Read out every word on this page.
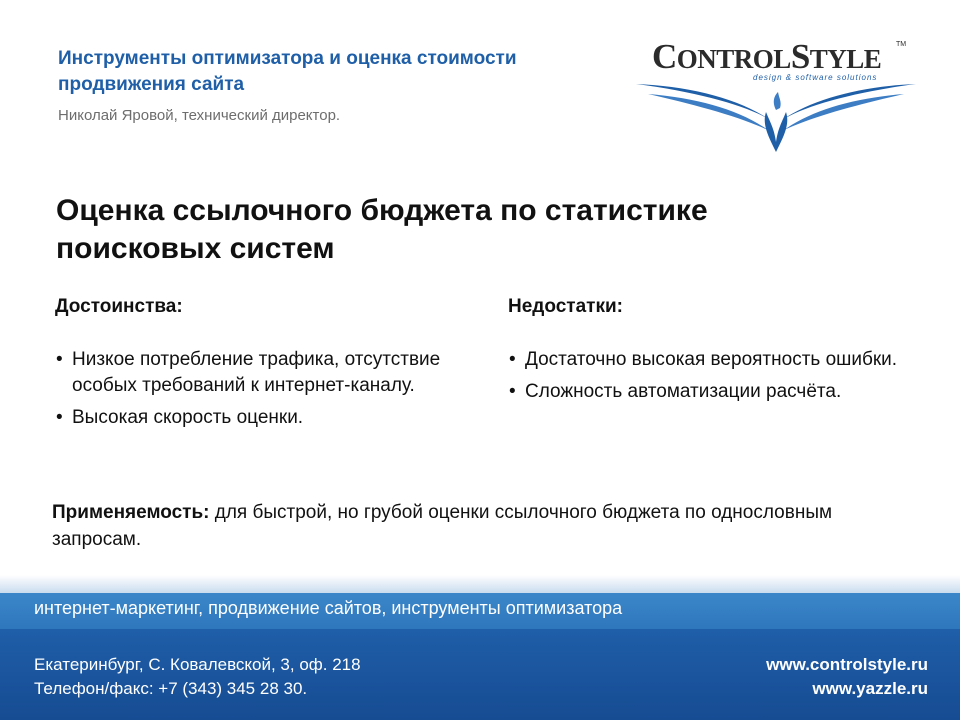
Инструменты оптимизатора и оценка стоимости продвижения сайта
Николай Яровой, технический директор.
CONTROLSTYLE TM
design & software solutions
Оценка ссылочного бюджета по статистике поисковых систем
Достоинства:
• Низкое потребление трафика, отсутствие особых требований к интернет-каналу.
• Высокая скорость оценки.
Недостатки:
• Достаточно высокая вероятность ошибки.
• Сложность автоматизации расчёта.
Применяемость: для быстрой, но грубой оценки ссылочного бюджета по однословным запросам.
интернет-маркетинг, продвижение сайтов, инструменты оптимизатора
Екатеринбург, С. Ковалевской, 3, оф. 218
Телефон/факс: +7 (343) 345 28 30.
www.controlstyle.ru
www.yazzle.ru
